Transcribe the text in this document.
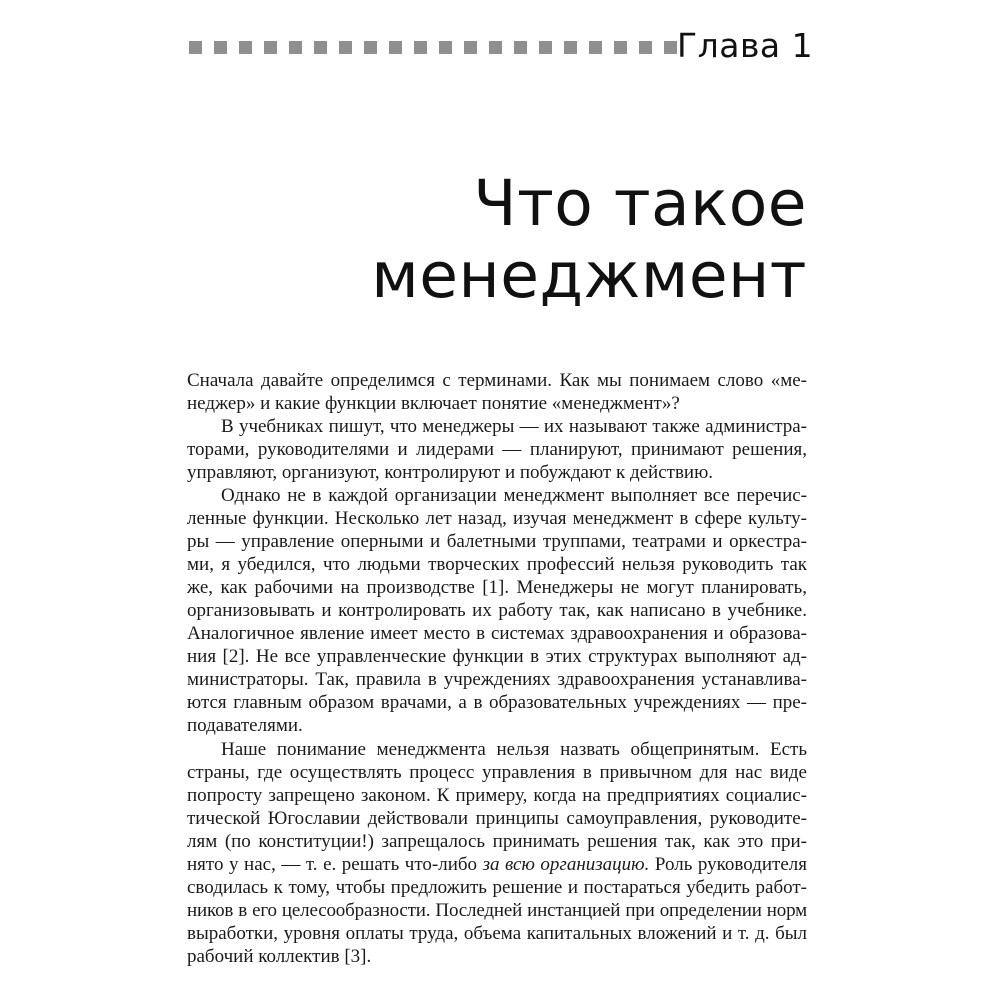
Глава 1
Что такое
менеджмент
Сначала давайте определимся с терминами. Как мы понимаем слово «ме-
неджер» и какие функции включает понятие «менеджмент»?
В учебниках пишут, что менеджеры — их называют также администра-
торами, руководителями и лидерами — планируют, принимают решения,
управляют, организуют, контролируют и побуждают к действию.
Однако не в каждой организации менеджмент выполняет все перечис-
ленные функции. Несколько лет назад, изучая менеджмент в сфере культу-
ры — управление оперными и балетными труппами, театрами и оркестра-
ми, я убедился, что людьми творческих профессий нельзя руководить так
же, как рабочими на производстве [1]. Менеджеры не могут планировать,
организовывать и контролировать их работу так, как написано в учебнике.
Аналогичное явление имеет место в системах здравоохранения и образова-
ния [2]. Не все управленческие функции в этих структурах выполняют ад-
министраторы. Так, правила в учреждениях здравоохранения устанавлива-
ются главным образом врачами, а в образовательных учреждениях — пре-
подавателями.
Наше понимание менеджмента нельзя назвать общепринятым. Есть
страны, где осуществлять процесс управления в привычном для нас виде
попросту запрещено законом. К примеру, когда на предприятиях социалис-
тической Югославии действовали принципы самоуправления, руководите-
лям (по конституции!) запрещалось принимать решения так, как это при-
нято у нас, — т. е. решать что-либо за всю организацию. Роль руководителя
сводилась к тому, чтобы предложить решение и постараться убедить работ-
ников в его целесообразности. Последней инстанцией при определении норм
выработки, уровня оплаты труда, объема капитальных вложений и т. д. был
рабочий коллектив [3].
